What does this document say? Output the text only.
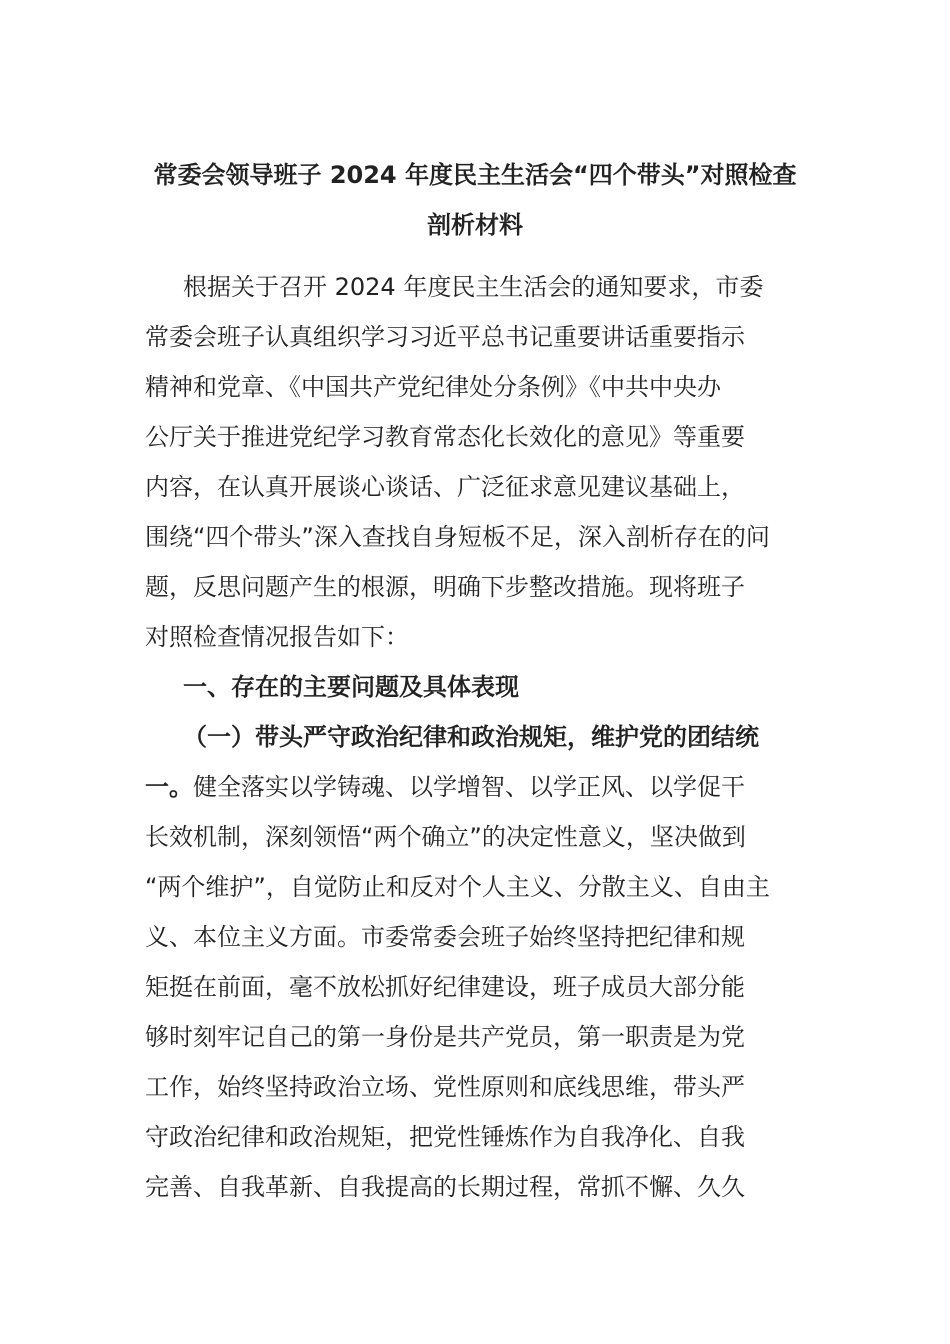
常委会领导班子 2024 年度民主生活会“四个带头”对照检查
剖析材料
根据关于召开 2024 年度民主生活会的通知要求，市委
常委会班子认真组织学习习近平总书记重要讲话重要指示
精神和党章、《中国共产党纪律处分条例》《中共中央办
公厅关于推进党纪学习教育常态化长效化的意见》等重要
内容，在认真开展谈心谈话、广泛征求意见建议基础上，
围绕“四个带头”深入查找自身短板不足，深入剖析存在的问
题，反思问题产生的根源，明确下步整改措施。现将班子
对照检查情况报告如下：
一、存在的主要问题及具体表现
（一）带头严守政治纪律和政治规矩，维护党的团结统
一。健全落实以学铸魂、以学增智、以学正风、以学促干
长效机制，深刻领悟“两个确立”的决定性意义，坚决做到
“两个维护”，自觉防止和反对个人主义、分散主义、自由主
义、本位主义方面。市委常委会班子始终坚持把纪律和规
矩挺在前面，毫不放松抓好纪律建设，班子成员大部分能
够时刻牢记自己的第一身份是共产党员，第一职责是为党
工作，始终坚持政治立场、党性原则和底线思维，带头严
守政治纪律和政治规矩，把党性锤炼作为自我净化、自我
完善、自我革新、自我提高的长期过程，常抓不懈、久久
